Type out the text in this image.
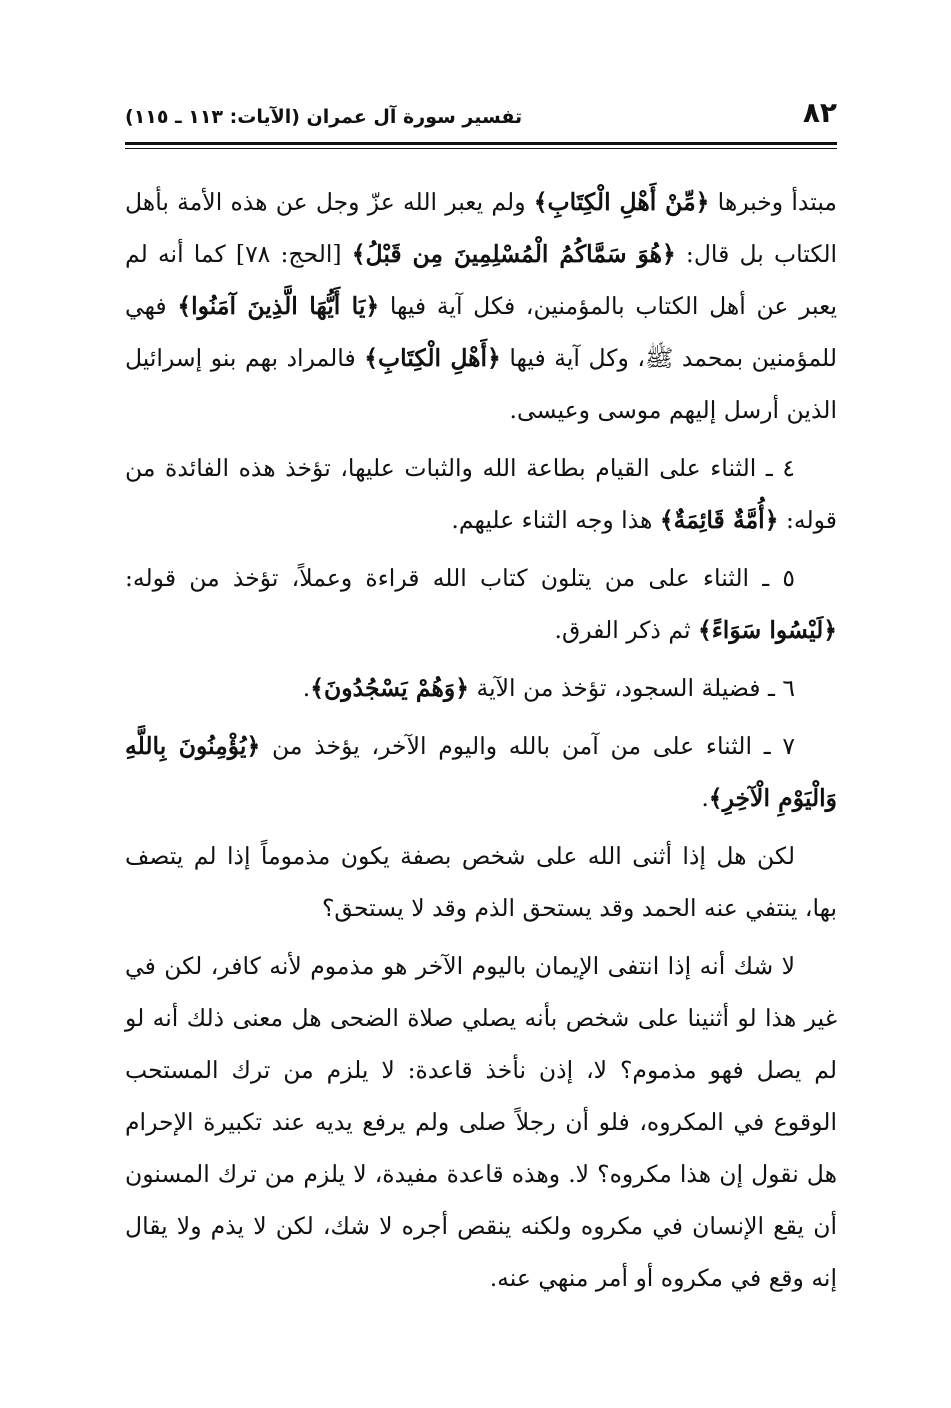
٨٢
تفسير سورة آل عمران (الآيات: ١١٣ ـ ١١٥)

مبتدأ وخبرها ﴿مِّنْ أَهْلِ الْكِتَابِ﴾ ولم يعبر الله عزّ وجل عن هذه الأمة بأهل الكتاب بل قال: ﴿هُوَ سَمَّاكُمُ الْمُسْلِمِينَ مِن قَبْلُ﴾ [الحج: ٧٨] كما أنه لم يعبر عن أهل الكتاب بالمؤمنين، فكل آية فيها ﴿يَا أَيُّهَا الَّذِينَ آمَنُوا﴾ فهي للمؤمنين بمحمد ﷺ، وكل آية فيها ﴿أَهْلِ الْكِتَابِ﴾ فالمراد بهم بنو إسرائيل الذين أرسل إليهم موسى وعيسى.

٤ ـ الثناء على القيام بطاعة الله والثبات عليها، تؤخذ هذه الفائدة من قوله: ﴿أُمَّةٌ قَائِمَةٌ﴾ هذا وجه الثناء عليهم.

٥ ـ الثناء على من يتلون كتاب الله قراءة وعملاً، تؤخذ من قوله: ﴿لَيْسُوا سَوَاءً﴾ ثم ذكر الفرق.

٦ ـ فضيلة السجود، تؤخذ من الآية ﴿وَهُمْ يَسْجُدُونَ﴾.

٧ ـ الثناء على من آمن بالله واليوم الآخر، يؤخذ من ﴿يُؤْمِنُونَ بِاللَّهِ وَالْيَوْمِ الْآخِرِ﴾.

لكن هل إذا أثنى الله على شخص بصفة يكون مذموماً إذا لم يتصف بها، ينتفي عنه الحمد وقد يستحق الذم وقد لا يستحق؟

لا شك أنه إذا انتفى الإيمان باليوم الآخر هو مذموم لأنه كافر، لكن في غير هذا لو أثنينا على شخص بأنه يصلي صلاة الضحى هل معنى ذلك أنه لو لم يصل فهو مذموم؟ لا، إذن نأخذ قاعدة: لا يلزم من ترك المستحب الوقوع في المكروه، فلو أن رجلاً صلى ولم يرفع يديه عند تكبيرة الإحرام هل نقول إن هذا مكروه؟ لا. وهذه قاعدة مفيدة، لا يلزم من ترك المسنون أن يقع الإنسان في مكروه ولكنه ينقص أجره لا شك، لكن لا يذم ولا يقال إنه وقع في مكروه أو أمر منهي عنه.
